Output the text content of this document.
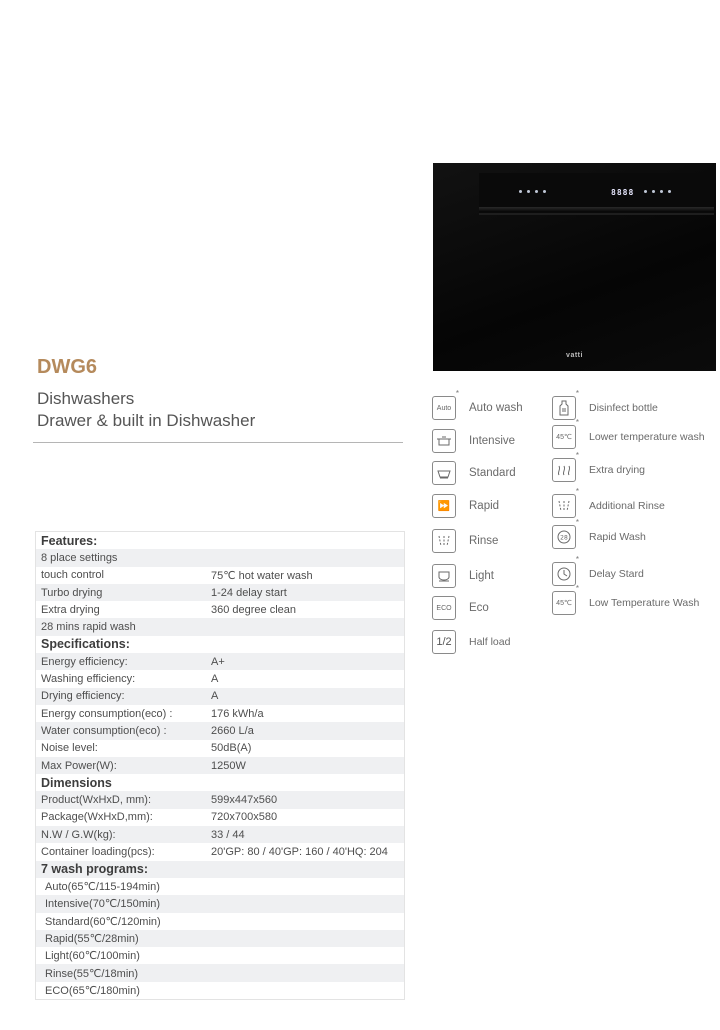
8888
vatti
DWG6
Dishwashers
Drawer & built in Dishwasher
Features:
8 place settings
touch control	75℃ hot water wash
Turbo drying	1-24 delay start
Extra drying	360 degree clean
28 mins rapid wash
Specifications:
Energy efficiency:	A+
Washing efficiency:	A
Drying efficiency:	A
Energy consumption(eco) :	176 kWh/a
Water consumption(eco) :	2660 L/a
Noise level:	50dB(A)
Max Power(W):	1250W
Dimensions
Product(WxHxD, mm):	599x447x560
Package(WxHxD,mm):	720x700x580
N.W / G.W(kg):	33 / 44
Container loading(pcs):	20'GP: 80 / 40'GP: 160 / 40'HQ: 204
7 wash programs:
Auto(65℃/115-194min)
Intensive(70℃/150min)
Standard(60℃/120min)
Rapid(55℃/28min)
Light(60℃/100min)
Rinse(55℃/18min)
ECO(65℃/180min)
Auto
*
Auto wash
Intensive
Standard
⏩ Rapid
Rinse
Light
ECO Eco
1/2 Half load
*
Disinfect bottle
45℃
*
Lower temperature wash
*
Extra drying
*
Additional Rinse
28
*
Rapid Wash
*
Delay Stard
45℃
*
Low Temperature Wash
